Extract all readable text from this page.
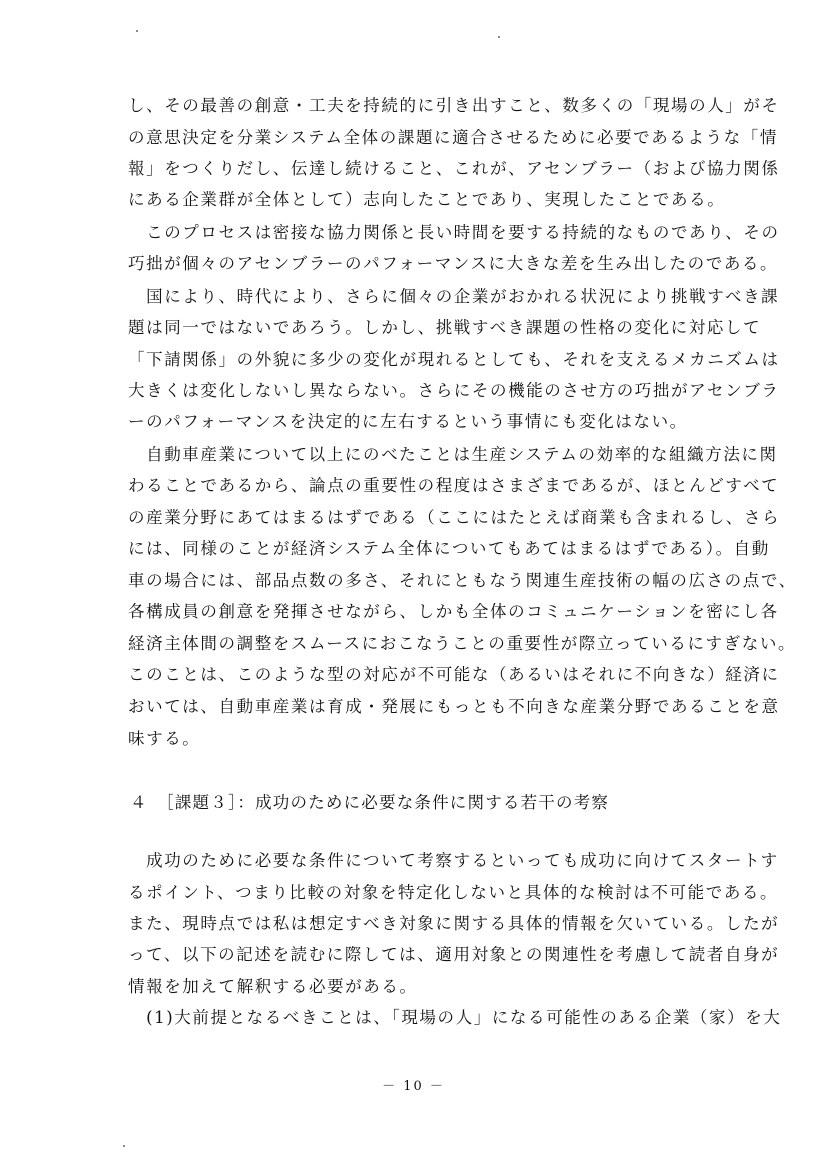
し、その最善の創意・工夫を持続的に引き出すこと、数多くの「現場の人」がそ
の意思決定を分業システム全体の課題に適合させるために必要であるような「情
報」をつくりだし、伝達し続けること、これが、アセンブラー（および協力関係
にある企業群が全体として）志向したことであり、実現したことである。
　このプロセスは密接な協力関係と長い時間を要する持続的なものであり、その
巧拙が個々のアセンブラーのパフォーマンスに大きな差を生み出したのである。
　国により、時代により、さらに個々の企業がおかれる状況により挑戦すべき課
題は同一ではないであろう。しかし、挑戦すべき課題の性格の変化に対応して
「下請関係」の外貌に多少の変化が現れるとしても、それを支えるメカニズムは
大きくは変化しないし異ならない。さらにその機能のさせ方の巧拙がアセンブラ
ーのパフォーマンスを決定的に左右するという事情にも変化はない。
　自動車産業について以上にのべたことは生産システムの効率的な組織方法に関
わることであるから、論点の重要性の程度はさまざまであるが、ほとんどすべて
の産業分野にあてはまるはずである（ここにはたとえば商業も含まれるし、さら
には、同様のことが経済システム全体についてもあてはまるはずである）。自動
車の場合には、部品点数の多さ、それにともなう関連生産技術の幅の広さの点で、
各構成員の創意を発揮させながら、しかも全体のコミュニケーションを密にし各
経済主体間の調整をスムースにおこなうことの重要性が際立っているにすぎない。
このことは、このような型の対応が不可能な（あるいはそれに不向きな）経済に
おいては、自動車産業は育成・発展にもっとも不向きな産業分野であることを意
味する。
４　［課題３］：成功のために必要な条件に関する若干の考察
　成功のために必要な条件について考察するといっても成功に向けてスタートす
るポイント、つまり比較の対象を特定化しないと具体的な検討は不可能である。
また、現時点では私は想定すべき対象に関する具体的情報を欠いている。したが
って、以下の記述を読むに際しては、適用対象との関連性を考慮して読者自身が
情報を加えて解釈する必要がある。
　(1)大前提となるべきことは、「現場の人」になる可能性のある企業（家）を大
－ 10 －
